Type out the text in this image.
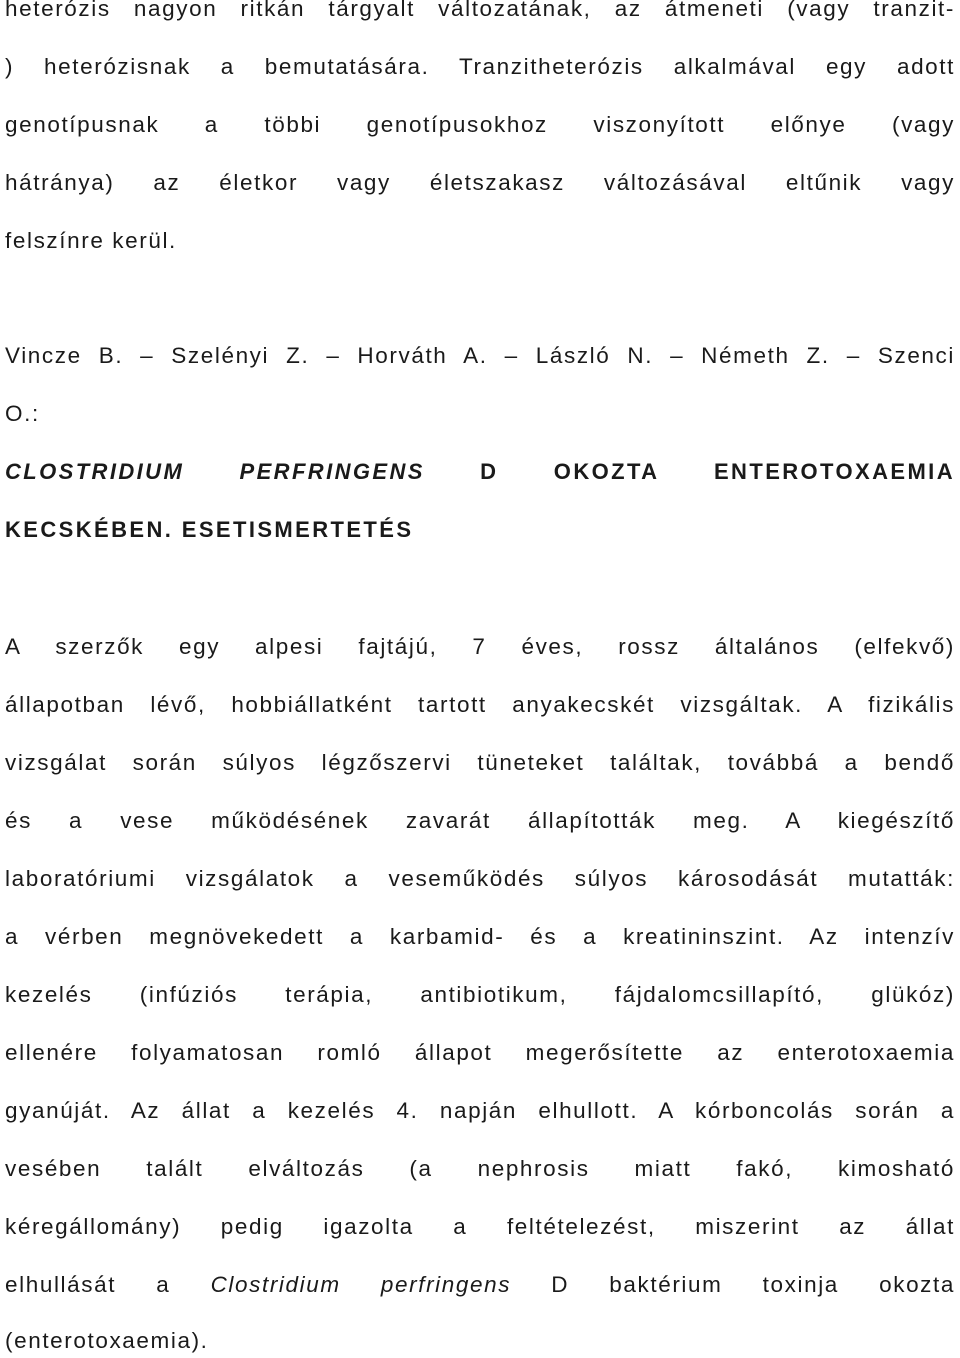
heterózis nagyon ritkán tárgyalt változatának, az átmeneti (vagy tranzit-
) heterózisnak a bemutatására. Tranzitheterózis alkalmával egy adott
genotípusnak a többi genotípusokhoz viszonyított előnye (vagy
hátránya) az életkor vagy életszakasz változásával eltűnik vagy
felszínre kerül.
Vincze B. – Szelényi Z. – Horváth A. – László N. – Németh Z. – Szenci
O.:
CLOSTRIDIUM PERFRINGENS D OKOZTA ENTEROTOXAEMIA
KECSKÉBEN. ESETISMERTETÉS
A szerzők egy alpesi fajtájú, 7 éves, rossz általános (elfekvő)
állapotban lévő, hobbiállatként tartott anyakecskét vizsgáltak. A fizikális
vizsgálat során súlyos légzőszervi tüneteket találtak, továbbá a bendő
és a vese működésének zavarát állapították meg. A kiegészítő
laboratóriumi vizsgálatok a veseműködés súlyos károsodását mutatták:
a vérben megnövekedett a karbamid- és a kreatininszint. Az intenzív
kezelés (infúziós terápia, antibiotikum, fájdalomcsillapító, glükóz)
ellenére folyamatosan romló állapot megerősítette az enterotoxaemia
gyanúját. Az állat a kezelés 4. napján elhullott. A kórboncolás során a
vesében talált elváltozás (a nephrosis miatt fakó, kimosható
kéregállomány) pedig igazolta a feltételezést, miszerint az állat
elhullását a Clostridium perfringens D baktérium toxinja okozta
(enterotoxaemia).
